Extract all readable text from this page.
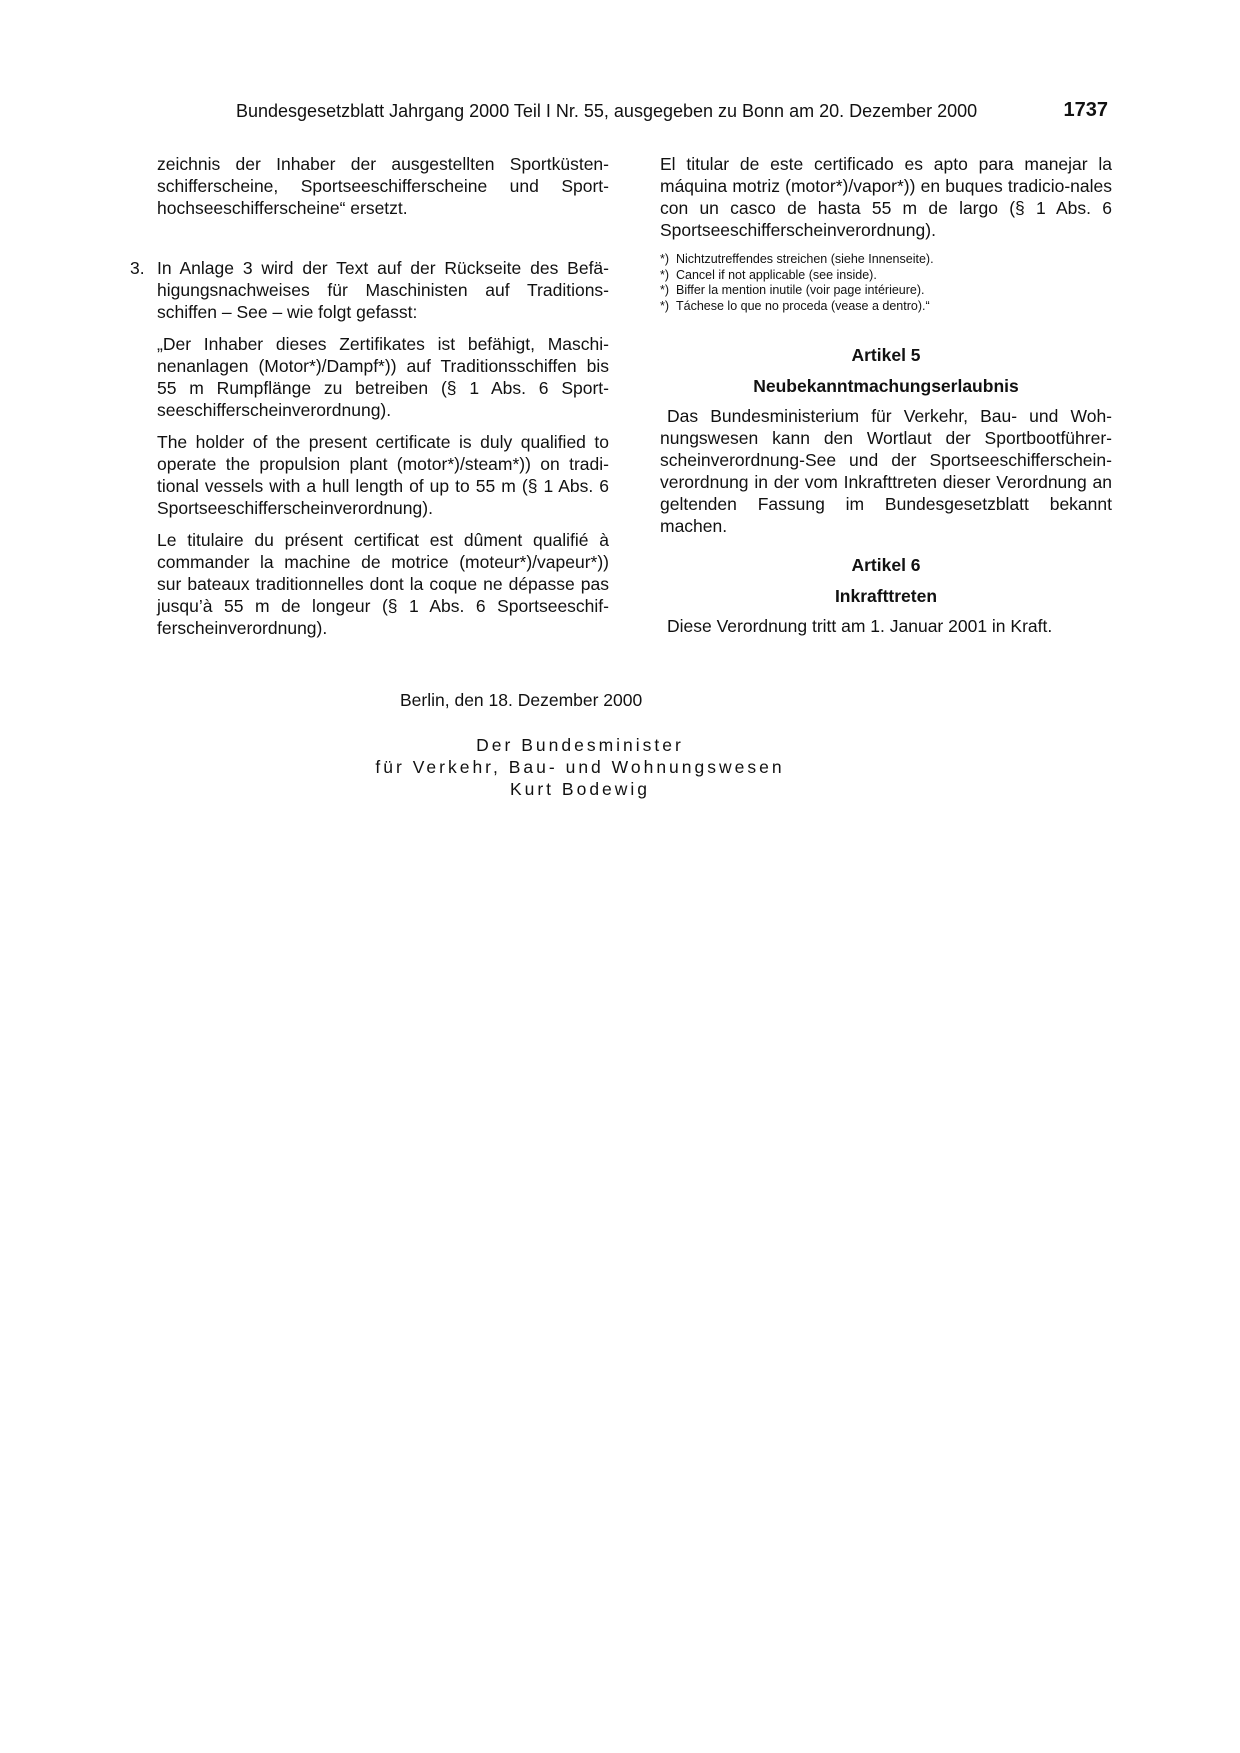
Bundesgesetzblatt Jahrgang 2000 Teil I Nr. 55, ausgegeben zu Bonn am 20. Dezember 2000	1737

zeichnis der Inhaber der ausgestellten Sportküsten-schifferscheine, Sportseeschifferscheine und Sport-hochseeschifferscheine“ ersetzt.

3. In Anlage 3 wird der Text auf der Rückseite des Befä-higungsnachweises für Maschinisten auf Traditions-schiffen – See – wie folgt gefasst:

„Der Inhaber dieses Zertifikates ist befähigt, Maschi-nenanlagen (Motor*)/Dampf*)) auf Traditionsschiffen bis 55 m Rumpflänge zu betreiben (§ 1 Abs. 6 Sport-seeschifferscheinverordnung).

The holder of the present certificate is duly qualified to operate the propulsion plant (motor*)/steam*)) on tradi-tional vessels with a hull length of up to 55 m (§ 1 Abs. 6 Sportseeschifferscheinverordnung).

Le titulaire du présent certificat est dûment qualifié à commander la machine de motrice (moteur*)/vapeur*)) sur bateaux traditionnelles dont la coque ne dépasse pas jusqu’à 55 m de longeur (§ 1 Abs. 6 Sportseeschif-ferscheinverordnung).

El titular de este certificado es apto para manejar la máquina motriz (motor*)/vapor*)) en buques tradicio-nales con un casco de hasta 55 m de largo (§ 1 Abs. 6 Sportseeschifferscheinverordnung).

*) Nichtzutreffendes streichen (siehe Innenseite).
*) Cancel if not applicable (see inside).
*) Biffer la mention inutile (voir page intérieure).
*) Táchese lo que no proceda (vease a dentro).“
Artikel 5
Neubekanntmachungserlaubnis

Das Bundesministerium für Verkehr, Bau- und Woh-nungswesen kann den Wortlaut der Sportbootführer-scheinverordnung-See und der Sportseeschifferschein-verordnung in der vom Inkrafttreten dieser Verordnung an geltenden Fassung im Bundesgesetzblatt bekannt machen.

Artikel 6
Inkrafttreten

Diese Verordnung tritt am 1. Januar 2001 in Kraft.

Berlin, den 18. Dezember 2000
Der Bundesminister
für Verkehr, Bau- und Wohnungswesen
Kurt Bodewig
